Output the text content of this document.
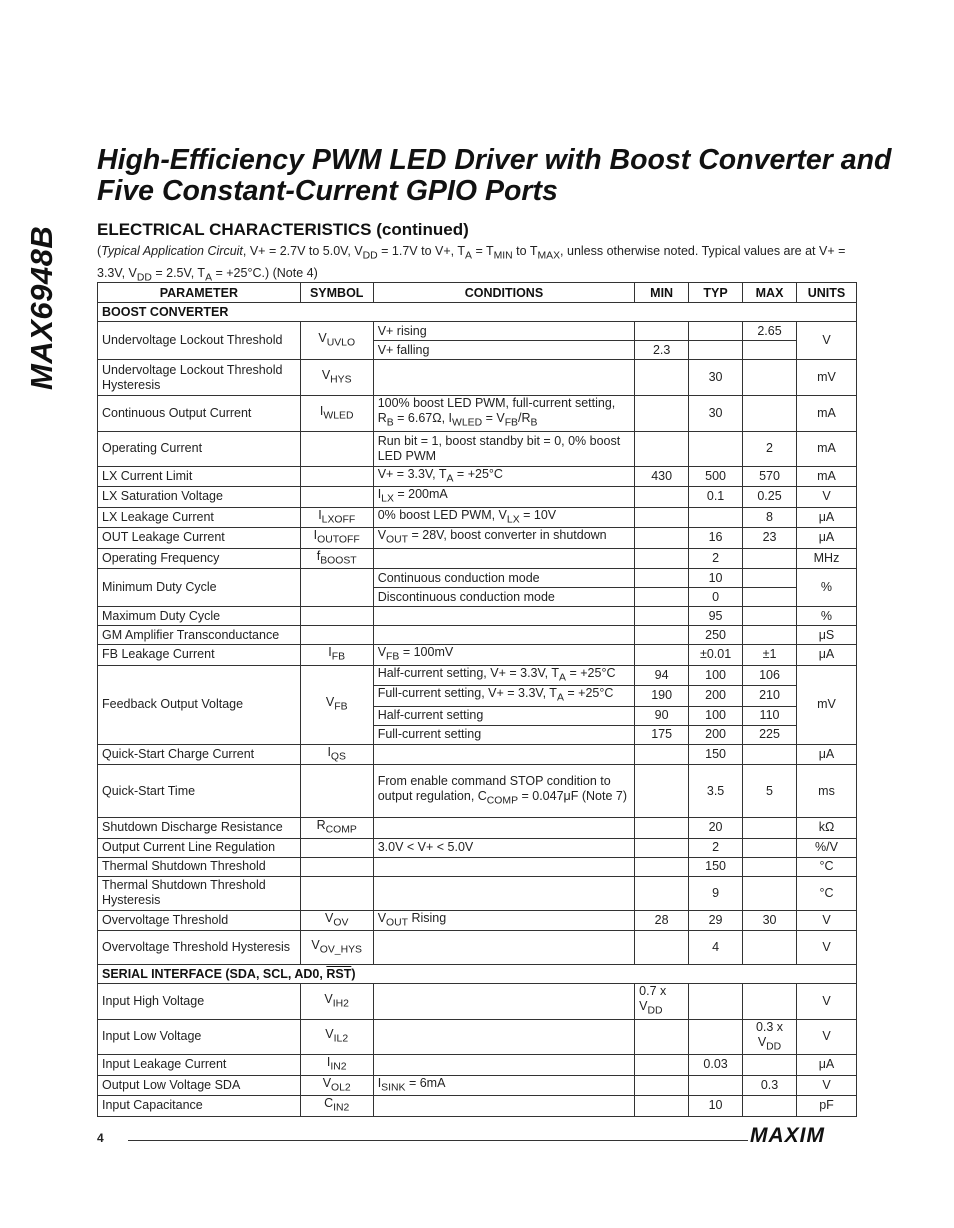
MAX6948B
High-Efficiency PWM LED Driver with Boost Converter and Five Constant-Current GPIO Ports
ELECTRICAL CHARACTERISTICS (continued)
(Typical Application Circuit, V+ = 2.7V to 5.0V, $V_{DD} = 1.7V$ to V+, $T_A = T_{MIN}$ to $T_{MAX}$, unless otherwise noted. Typical values are at V+ = 3.3V, $V_{DD} = 2.5V$, $T_A = +25^\circ C$.) (Note 4)
PARAMETER	SYMBOL	CONDITIONS	MIN	TYP	MAX	UNITS
BOOST CONVERTER						
Undervoltage Lockout Threshold	$V_{UVLO}$	V+ rising			2.65	V
		V+ falling	2.3			
Undervoltage Lockout Threshold Hysteresis	$V_{HYS}$			30		mV
Continuous Output Current	$I_{WLED}$	100% boost LED PWM, full-current setting, $R_B = 6.67\Omega$, $I_{WLED} = V_{FB}/R_B$		30		mA
Operating Current		Run bit = 1, boost standby bit = 0, 0% boost LED PWM			2	mA
LX Current Limit		V+ = 3.3V, $T_A = +25^\circ C$	430	500	570	mA
LX Saturation Voltage		$I_{LX} = 200mA$		0.1	0.25	V
LX Leakage Current	$I_{LXOFF}$	0% boost LED PWM, $V_{LX} = 10V$			8	μA
OUT Leakage Current	$I_{OUTOFF}$	$V_{OUT} = 28V$, boost converter in shutdown		16	23	μA
Operating Frequency	$f_{BOOST}$			2		MHz
Minimum Duty Cycle		Continuous conduction mode		10		%
		Discontinuous conduction mode		0		
Maximum Duty Cycle				95		%
GM Amplifier Transconductance				250		μS
FB Leakage Current	$I_{FB}$	$V_{FB} = 100mV$		±0.01	±1	μA
Feedback Output Voltage	$V_{FB}$	Half-current setting, V+ = 3.3V, $T_A = +25^\circ C$	94	100	106	mV
		Full-current setting, V+ = 3.3V, $T_A = +25^\circ C$	190	200	210	
		Half-current setting	90	100	110	
		Full-current setting	175	200	225	
Quick-Start Charge Current	$I_{QS}$			150		μA
Quick-Start Time		From enable command STOP condition to output regulation, $C_{COMP} = 0.047\mu F$ (Note 7)		3.5	5	ms
Shutdown Discharge Resistance	$R_{COMP}$			20		kΩ
Output Current Line Regulation		3.0V < V+ < 5.0V		2		%/V
Thermal Shutdown Threshold				150		°C
Thermal Shutdown Threshold Hysteresis				9		°C
Overvoltage Threshold	$V_{OV}$	$V_{OUT}$ Rising	28	29	30	V
Overvoltage Threshold Hysteresis	$V_{OV\_HYS}$			4		V
SERIAL INTERFACE (SDA, SCL, AD0, $\overline{RST}$)						
Input High Voltage	$V_{IH2}$		0.7 x
$V_{DD}$			V
Input Low Voltage	$V_{IL2}$				0.3 x
$V_{DD}$	V
Input Leakage Current	$I_{IN2}$			0.03		μA
Output Low Voltage SDA	$V_{OL2}$	$I_{SINK} = 6mA$			0.3	V
Input Capacitance	$C_{IN2}$			10		pF
4	MAXIM
